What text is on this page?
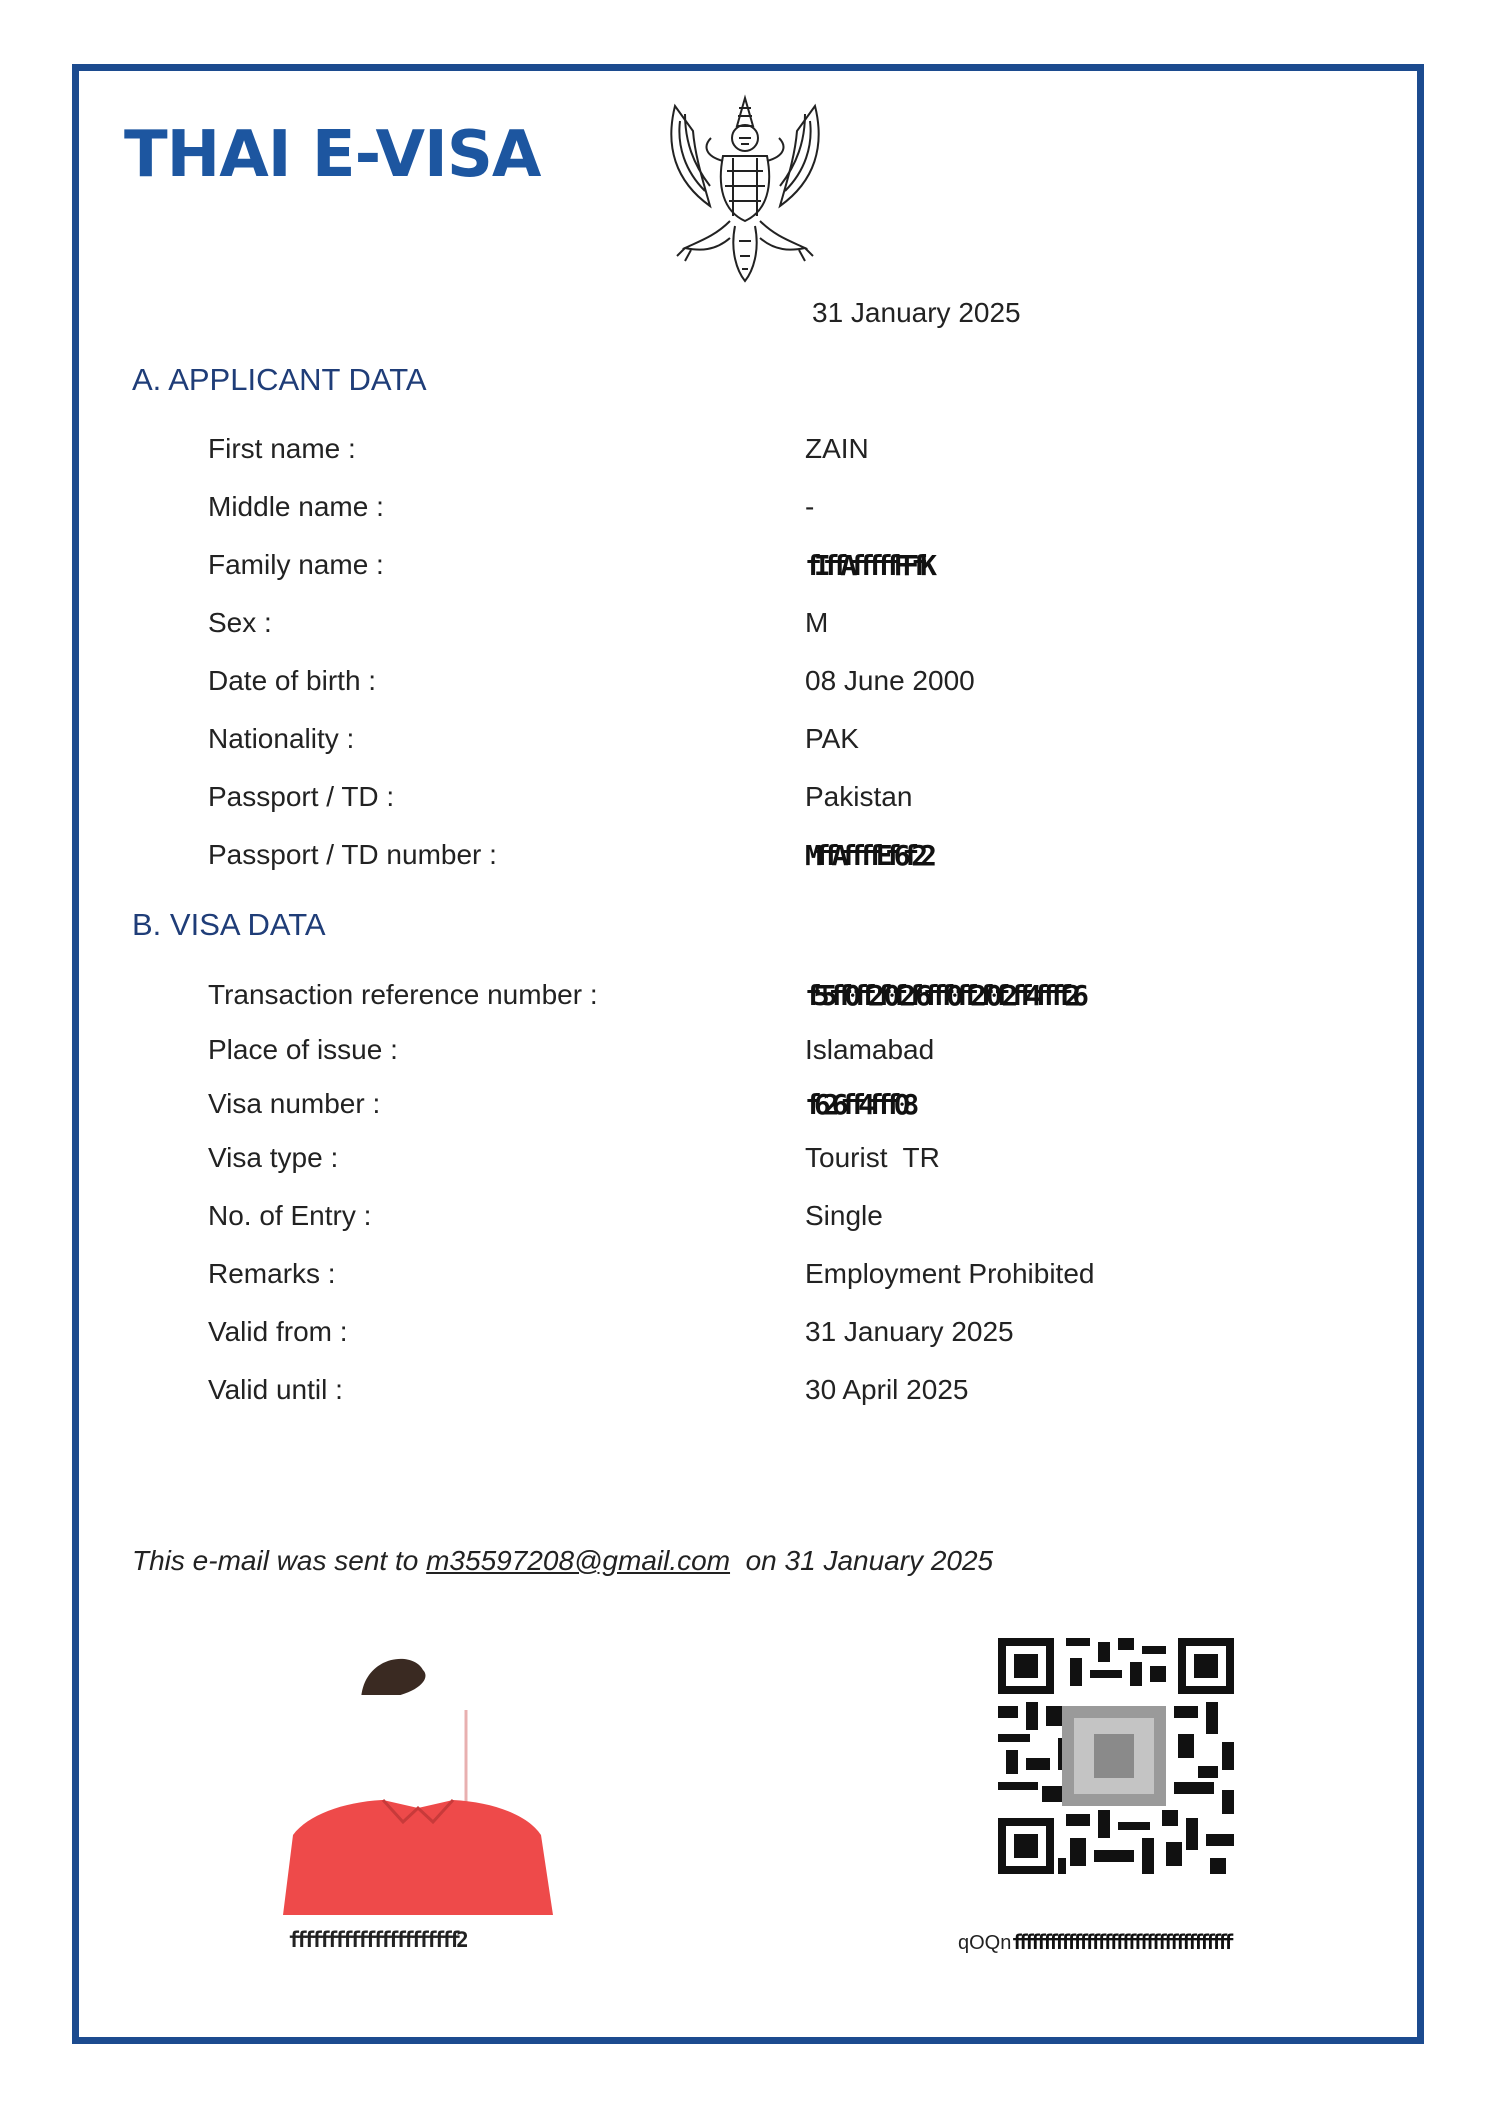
THAI E-VISA
31 January 2025
A. APPLICANT DATA
First name :	ZAIN
Middle name :	-
Family name :	fIffAfffffFFfK
Sex :	M
Date of birth :	08 June 2000
Nationality :	PAK
Passport / TD :	Pakistan
Passport / TD number :	MffAffffEf6f22
B. VISA DATA
Transaction reference number :	f55ff0ff2f0f2f6fff0ff2f0f2ff4ffff26
Place of issue :	Islamabad
Visa number :	f626ff4fff08
Visa type :	Tourist  TR
No. of Entry :	Single
Remarks :	Employment Prohibited
Valid from :	31 January 2025
Valid until :	30 April 2025
This e-mail was sent to m35597208@gmail.com on 31 January 2025
ffffffffffffffffffffff2	qOQnffffffffffffffffffffffffffffffffffff
